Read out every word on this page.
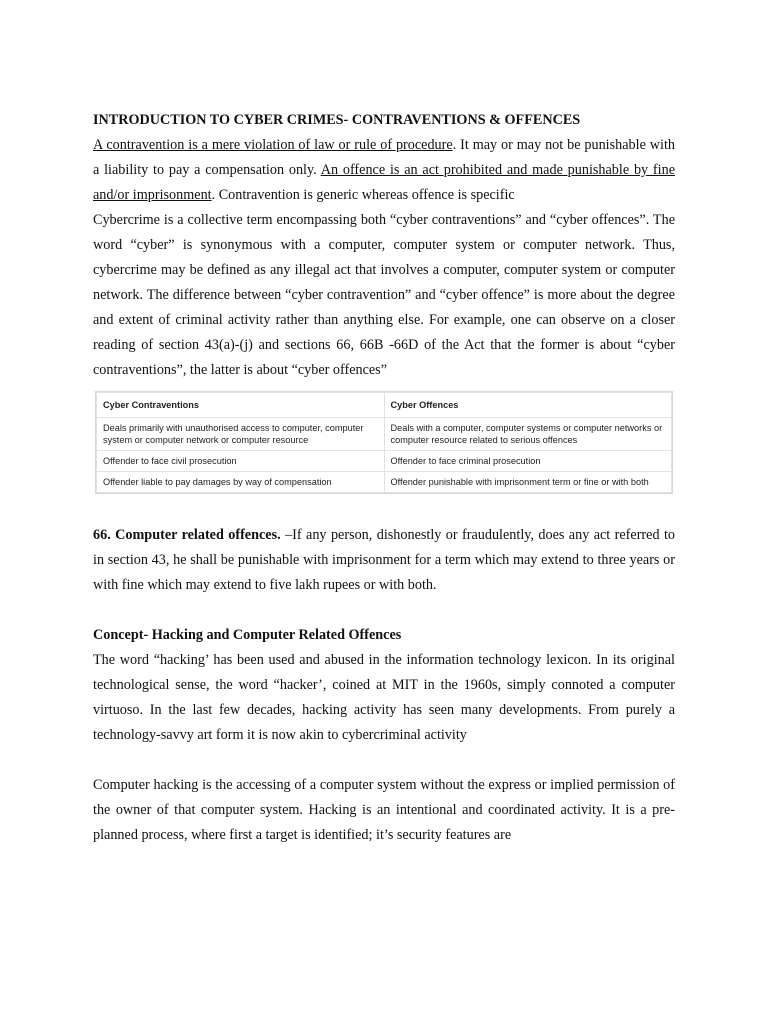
INTRODUCTION TO CYBER CRIMES- CONTRAVENTIONS & OFFENCES

A contravention is a mere violation of law or rule of procedure. It may or may not be punishable with a liability to pay a compensation only. An offence is an act prohibited and made punishable by fine and/or imprisonment. Contravention is generic whereas offence is specific

Cybercrime is a collective term encompassing both “cyber contraventions” and “cyber offences”. The word “cyber” is synonymous with a computer, computer system or computer network. Thus, cybercrime may be defined as any illegal act that involves a computer, computer system or computer network. The difference between “cyber contravention” and “cyber offence” is more about the degree and extent of criminal activity rather than anything else. For example, one can observe on a closer reading of section 43(a)-(j) and sections 66, 66B -66D of the Act that the former is about “cyber contraventions”, the latter is about “cyber offences”

Cyber Contraventions	Cyber Offences
Deals primarily with unauthorised access to computer, computer system or computer network or computer resource	Deals with a computer, computer systems or computer networks or computer resource related to serious offences
Offender to face civil prosecution	Offender to face criminal prosecution
Offender liable to pay damages by way of compensation	Offender punishable with imprisonment term or fine or with both

66. Computer related offences. –If any person, dishonestly or fraudulently, does any act referred to in section 43, he shall be punishable with imprisonment for a term which may extend to three years or with fine which may extend to five lakh rupees or with both.

Concept- Hacking and Computer Related Offences

The word “hacking’ has been used and abused in the information technology lexicon. In its original technological sense, the word “hacker’, coined at MIT in the 1960s, simply connoted a computer virtuoso. In the last few decades, hacking activity has seen many developments. From purely a technology-savvy art form it is now akin to cybercriminal activity

Computer hacking is the accessing of a computer system without the express or implied permission of the owner of that computer system. Hacking is an intentional and coordinated activity. It is a pre-planned process, where first a target is identified; it’s security features are
